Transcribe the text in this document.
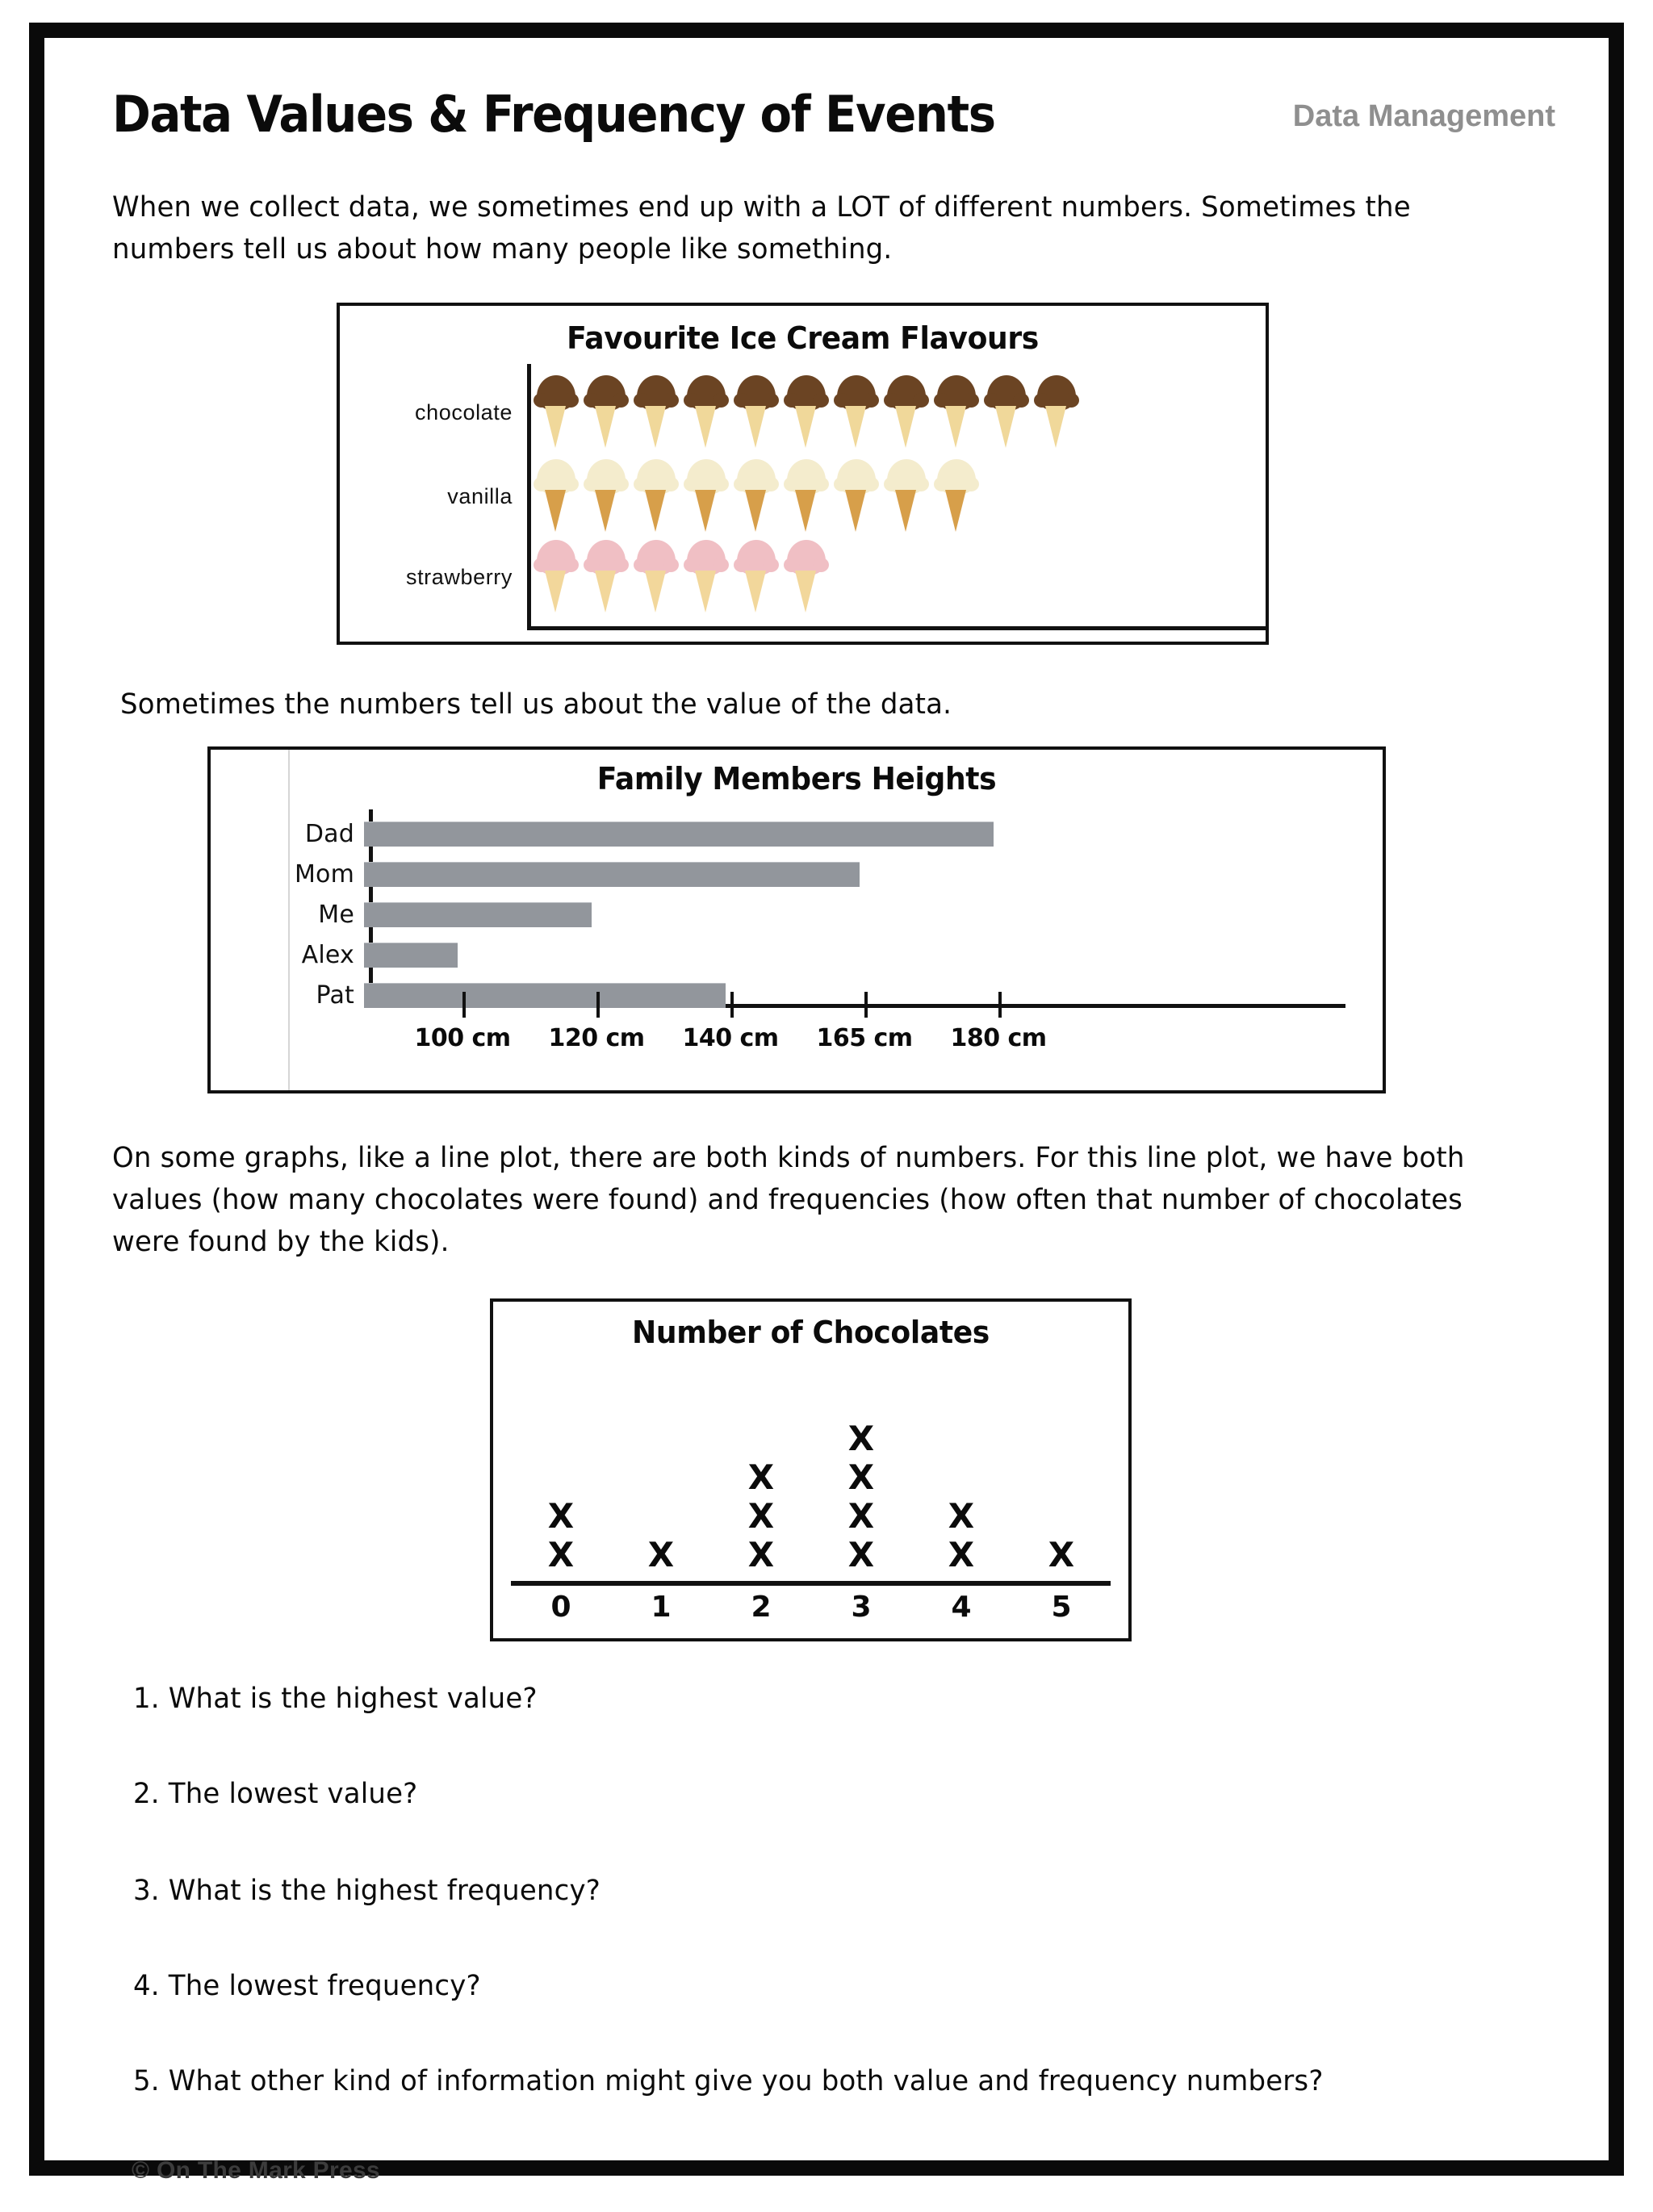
Data Values & Frequency of Events	Data Management
When we collect data, we sometimes end up with a LOT of different numbers. Sometimes the numbers tell us about how many people like something.
Favourite Ice Cream Flavours
chocolate
vanilla
strawberry
Sometimes the numbers tell us about the value of the data.
Family Members Heights
Dad
Mom
Me
Alex
Pat
100 cm 120 cm 140 cm 165 cm 180 cm
On some graphs, like a line plot, there are both kinds of numbers. For this line plot, we have both values (how many chocolates were found) and frequencies (how often that number of chocolates were found by the kids).
Number of Chocolates
X
X
X X
X
X
X
X
X
X
X
X
X
0	1	2	3	4	5
1. What is the highest value?
2. The lowest value?
3. What is the highest frequency?
4. The lowest frequency?
5. What other kind of information might give you both value and frequency numbers?
© On The Mark Press
